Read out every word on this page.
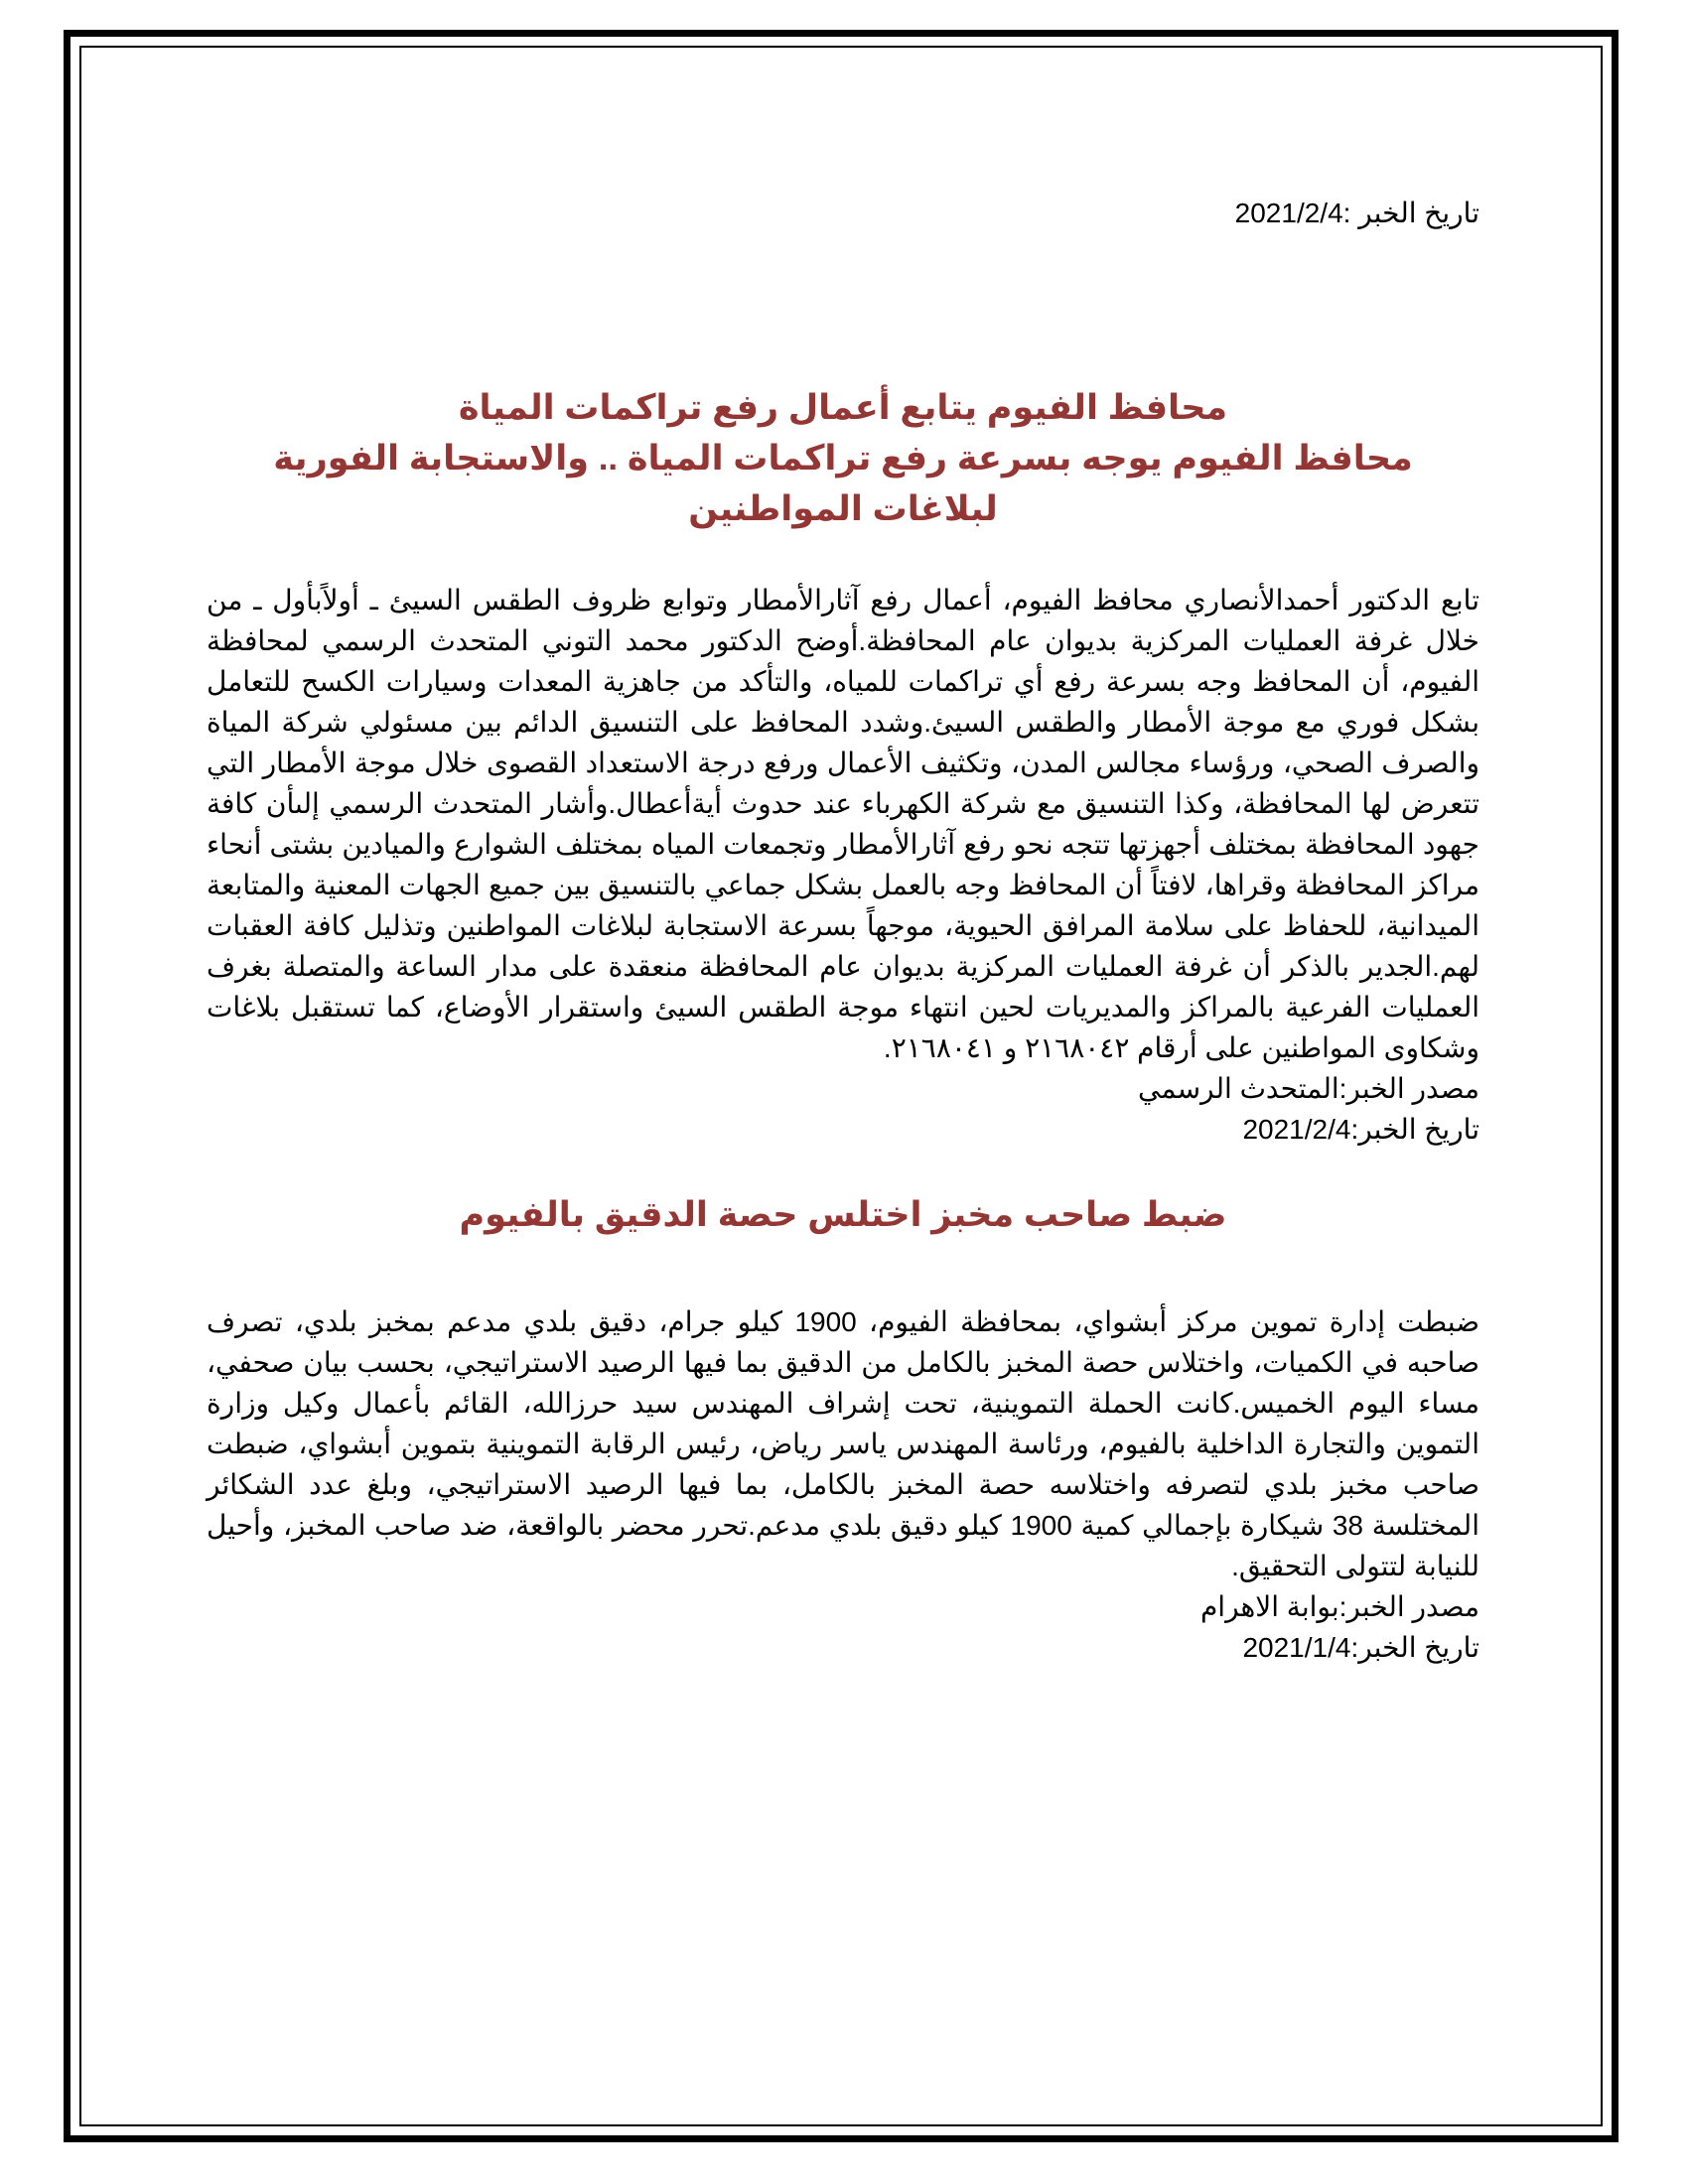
تاريخ الخبر :2021/2/4

محافظ الفيوم يتابع أعمال رفع تراكمات المياة

محافظ الفيوم يوجه بسرعة رفع تراكمات المياة .. والاستجابة الفورية لبلاغات المواطنين

تابع الدكتور أحمدالأنصاري محافظ الفيوم، أعمال رفع آثارالأمطار وتوابع ظروف الطقس السيئ ـ أولاًبأول ـ من خلال غرفة العمليات المركزية بديوان عام المحافظة.أوضح الدكتور محمد التوني المتحدث الرسمي لمحافظة الفيوم، أن المحافظ وجه بسرعة رفع أي تراكمات للمياه، والتأكد من جاهزية المعدات وسيارات الكسح للتعامل بشكل فوري مع موجة الأمطار والطقس السيئ.وشدد المحافظ على التنسيق الدائم بين مسئولي شركة المياة والصرف الصحي، ورؤساء مجالس المدن، وتكثيف الأعمال ورفع درجة الاستعداد القصوى خلال موجة الأمطار التي تتعرض لها المحافظة، وكذا التنسيق مع شركة الكهرباء عند حدوث أيةأعطال.وأشار المتحدث الرسمي إلىأن كافة جهود المحافظة بمختلف أجهزتها تتجه نحو رفع آثارالأمطار وتجمعات المياه بمختلف الشوارع والميادين بشتى أنحاء مراكز المحافظة وقراها، لافتاً أن المحافظ وجه بالعمل بشكل جماعي بالتنسيق بين جميع الجهات المعنية والمتابعة الميدانية، للحفاظ على سلامة المرافق الحيوية، موجهاً بسرعة الاستجابة لبلاغات المواطنين وتذليل كافة العقبات لهم.الجدير بالذكر أن غرفة العمليات المركزية بديوان عام المحافظة منعقدة على مدار الساعة والمتصلة بغرف العمليات الفرعية بالمراكز والمديريات لحين انتهاء موجة الطقس السيئ واستقرار الأوضاع، كما تستقبل بلاغات وشكاوى المواطنين على أرقام ٢١٦٨٠٤٢ و ٢١٦٨٠٤١.

مصدر الخبر:المتحدث الرسمي

تاريخ الخبر:2021/2/4

ضبط صاحب مخبز اختلس حصة الدقيق بالفيوم

ضبطت إدارة تموين مركز أبشواي، بمحافظة الفيوم، 1900 كيلو جرام، دقيق بلدي مدعم بمخبز بلدي، تصرف صاحبه في الكميات، واختلاس حصة المخبز بالكامل من الدقيق بما فيها الرصيد الاستراتيجي، بحسب بيان صحفي، مساء اليوم الخميس.كانت الحملة التموينية، تحت إشراف المهندس سيد حرزالله، القائم بأعمال وكيل وزارة التموين والتجارة الداخلية بالفيوم، ورئاسة المهندس ياسر رياض، رئيس الرقابة التموينية بتموين أبشواي، ضبطت صاحب مخبز بلدي لتصرفه واختلاسه حصة المخبز بالكامل، بما فيها الرصيد الاستراتيجي، وبلغ عدد الشكائر المختلسة 38 شيكارة بإجمالي كمية 1900 كيلو دقيق بلدي مدعم.تحرر محضر بالواقعة، ضد صاحب المخبز، وأحيل للنيابة لتتولى التحقيق.

مصدر الخبر:بوابة الاهرام

تاريخ الخبر:2021/1/4
